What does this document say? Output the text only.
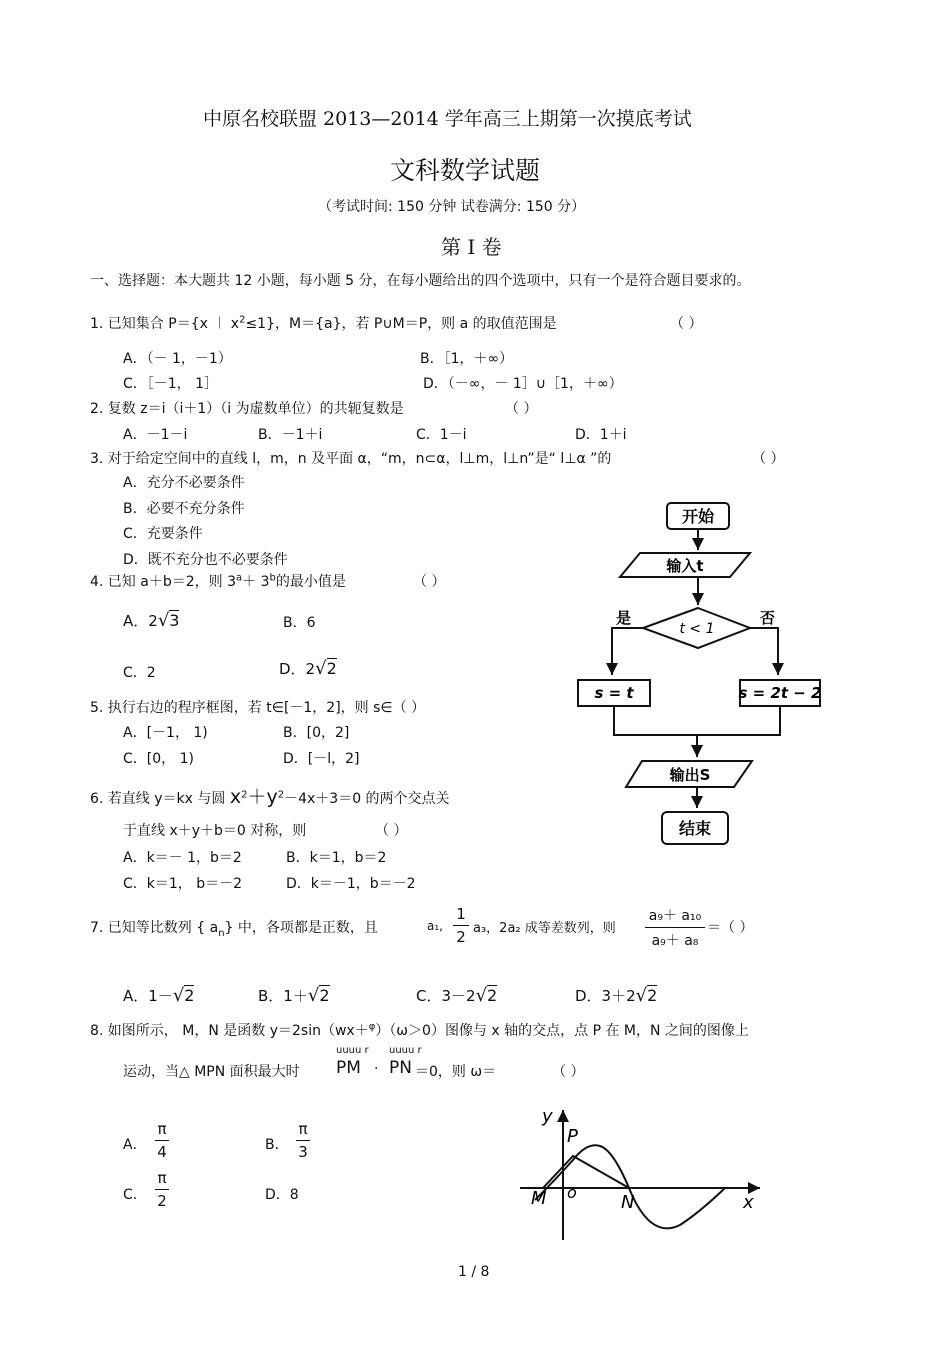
中原名校联盟 2013—2014 学年高三上期第一次摸底考试
文科数学试题
（考试时间: 150 分钟 试卷满分: 150 分）
第 I 卷
一、选择题：本大题共 12 小题，每小题 5 分，在每小题给出的四个选项中，只有一个是符合题目要求的。
1. 已知集合 P＝{x ︱ $x^2\le 1$}，M＝{a}，若 P∪M＝P，则 a 的取值范围是	（ ）
A．（－ 1，－1）	B．［1，＋∞）
C．［－1， 1］	D．（－∞，－ 1］∪［1，＋∞）
2. 复数 z＝i（i＋1）（i 为虚数单位）的共轭复数是	（ ）
A．－1－i	B．－1＋i	C．1－i	D．1＋i
3. 对于给定空间中的直线 l，m，n 及平面 α，“m，n⊂α，l⊥m，l⊥n”是“ l⊥α ”的	（ ）
A．充分不必要条件
B．必要不充分条件
C．充要条件
D．既不充分也不必要条件
4. 已知 a＋b＝2，则 $3^a+ 3^b$的最小值是	（ ）
A．2√3	B．6
C．2	D．2√2
5. 执行右边的程序框图，若 t∈[－1，2]，则 s∈（ ）
A．[－1， 1)	B．[0，2]
C．[0， 1)	D．[－l，2]
6. 若直线 y＝kx 与圆 $x^2+y^2-4x+3=0$ 的两个交点关
于直线 x＋y＋b＝0 对称，则	（ ）
A．k＝－ 1，b＝2	B．k＝1，b＝2
C．k＝1， b＝－2	D．k＝－1，b＝－2
7. 已知等比数列 { $a_n$} 中，各项都是正数，且	a₁,
1
2 a₃，2a₂ 成等差数列，则
a₉＋ a₁₀
a₉＋ a₈
＝（ ）
A．1－√2	B．1＋√2	C．3－2√2	D．3＋2√2
8. 如图所示， M，N 是函数 y＝2sin（wx＋$^\varphi$）（ω＞0）图像与 x 轴的交点，点 P 在 M，N 之间的图像上
运动，当△ MPN 面积最大时
uuuu r
PM ·
uuuu r
PN ＝0，则 ω＝	（ ）
A．
π
4	B．
π
3
C．
π
2	D．8
开始
输入t
t < 1
是	否
s = t	s = 2t − 2
输出S
结束
y
x
P
M o N
1 / 8
